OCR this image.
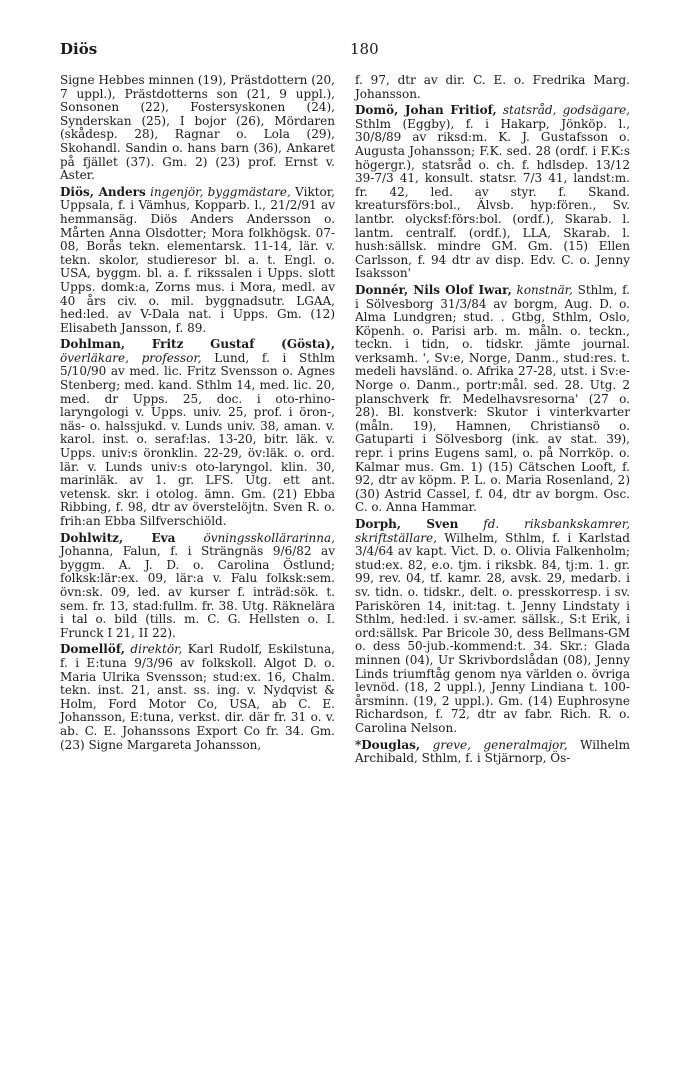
Diös	180

Signe Hebbes minnen (19), Prästdottern (20, 7 uppl.), Prästdotterns son (21, 9 uppl.), Sonsonen (22), Fostersyskonen (24), Synderskan (25), I bojor (26), Mördaren (skådesp. 28), Ragnar o. Lola (29), Skohandl. Sandin o. hans barn (36), Ankaret på fjället (37). Gm. 2) (23) prof. Ernst v. Aster.

Diös, Anders ingenjör, byggmästare, Viktor, Uppsala, f. i Vämhus, Kopparb. l., 21/2/91 av hemmansäg. Diös Anders Andersson o. Mårten Anna Olsdotter; Mora folkhögsk. 07-08, Borås tekn. elementarsk. 11-14, lär. v. tekn. skolor, studieresor bl. a. t. Engl. o. USA, byggm. bl. a. f. rikssalen i Upps. slott Upps. domk:a, Zorns mus. i Mora, medl. av 40 års civ. o. mil. byggnadsutr. LGAA, hed:led. av V-Dala nat. i Upps. Gm. (12) Elisabeth Jansson, f. 89.

Dohlman, Fritz Gustaf (Gösta), överläkare, professor, Lund, f. i Sthlm 5/10/90 av med. lic. Fritz Svensson o. Agnes Stenberg; med. kand. Sthlm 14, med. lic. 20, med. dr Upps. 25, doc. i oto-rhino-laryngologi v. Upps. univ. 25, prof. i öron-, näs- o. halssjukd. v. Lunds univ. 38, aman. v. karol. inst. o. seraf:las. 13-20, bitr. läk. v. Upps. univ:s öronklin. 22-29, öv:läk. o. ord. lär. v. Lunds univ:s oto-laryngol. klin. 30, marinläk. av 1. gr. LFS. Utg. ett ant. vetensk. skr. i otolog. ämn. Gm. (21) Ebba Ribbing, f. 98, dtr av överstelöjtn. Sven R. o. frih:an Ebba Silfverschiöld.

Dohlwitz, Eva övningsskollärarinna, Johanna, Falun, f. i Strängnäs 9/6/82 av byggm. A. J. D. o. Carolina Östlund; folksk:lär:ex. 09, lär:a v. Falu folksk:sem. övn:sk. 09, led. av kurser f. inträd:sök. t. sem. fr. 13, stad:fullm. fr. 38. Utg. Räknelära i tal o. bild (tills. m. C. G. Hellsten o. I. Frunck I 21, II 22).

Domellöf, direktör, Karl Rudolf, Eskilstuna, f. i E:tuna 9/3/96 av folkskoll. Algot D. o. Maria Ulrika Svensson; stud:ex. 16, Chalm. tekn. inst. 21, anst. ss. ing. v. Nydqvist & Holm, Ford Motor Co, USA, ab C. E. Johansson, E:tuna, verkst. dir. där fr. 31 o. v. ab. C. E. Johanssons Export Co fr. 34. Gm. (23) Signe Margareta Johansson,

f. 97, dtr av dir. C. E. o. Fredrika Marg. Johansson.

Domö, Johan Fritiof, statsråd, godsägare, Sthlm (Eggby), f. i Hakarp, Jönköp. l., 30/8/89 av riksd:m. K. J. Gustafsson o. Augusta Johansson; F.K. sed. 28 (ordf. i F.K:s högergr.), statsråd o. ch. f. hdlsdep. 13/12 39-7/3 41, konsult. statsr. 7/3 41, landst:m. fr. 42, led. av styr. f. Skand. kreatursförs:bol., Älvsb. hyp:fören., Sv. lantbr. olycksf:förs:bol. (ordf.), Skarab. l. lantm. centralf. (ordf.), LLA, Skarab. l. hush:sällsk. mindre GM. Gm. (15) Ellen Carlsson, f. 94 dtr av disp. Edv. C. o. Jenny Isaksson'

Donnér, Nils Olof Iwar, konstnär, Sthlm, f. i Sölvesborg 31/3/84 av borgm, Aug. D. o. Alma Lundgren; stud. . Gtbg, Sthlm, Oslo, Köpenh. o. Parisi arb. m. måln. o. teckn., teckn. i tidn, o. tidskr. jämte journal. verksamh. ', Sv:e, Norge, Danm., stud:res. t. medeli havsländ. o. Afrika 27-28, utst. i Sv:e-Norge o. Danm., portr:mål. sed. 28. Utg. 2 planschverk fr. Medelhavsresorna' (27 o. 28). Bl. konstverk: Skutor i vinterkvarter (måln. 19), Hamnen, Christiansö o. Gatuparti i Sölvesborg (ink. av stat. 39), repr. i prins Eugens saml, o. på Norrköp. o. Kalmar mus. Gm. 1) (15) Cätschen Looft, f. 92, dtr av köpm. P. L. o. Maria Rosenland, 2) (30) Astrid Cassel, f. 04, dtr av borgm. Osc. C. o. Anna Hammar.

Dorph, Sven fd. riksbankskamrer, skriftställare, Wilhelm, Sthlm, f. i Karlstad 3/4/64 av kapt. Vict. D. o. Olivia Falkenholm; stud:ex. 82, e.o. tjm. i riksbk. 84, tj:m. 1. gr. 99, rev. 04, tf. kamr. 28, avsk. 29, medarb. i sv. tidn. o. tidskr., delt. o. presskorresp. i sv. Pariskören 14, init:tag. t. Jenny Lindstaty i Sthlm, hed:led. i sv.-amer. sällsk., S:t Erik, i ord:sällsk. Par Bricole 30, dess Bellmans-GM o. dess 50-jub.-kommend:t. 34. Skr.: Glada minnen (04), Ur Skrivbordslådan (08), Jenny Linds triumftåg genom nya världen o. övriga levnöd. (18, 2 uppl.), Jenny Lindiana t. 100-årsminn. (19, 2 uppl.). Gm. (14) Euphrosyne Richardson, f. 72, dtr av fabr. Rich. R. o. Carolina Nelson.

*Douglas, greve, generalmajor, Wilhelm Archibald, Sthlm, f. i Stjärnorp, Ös-
